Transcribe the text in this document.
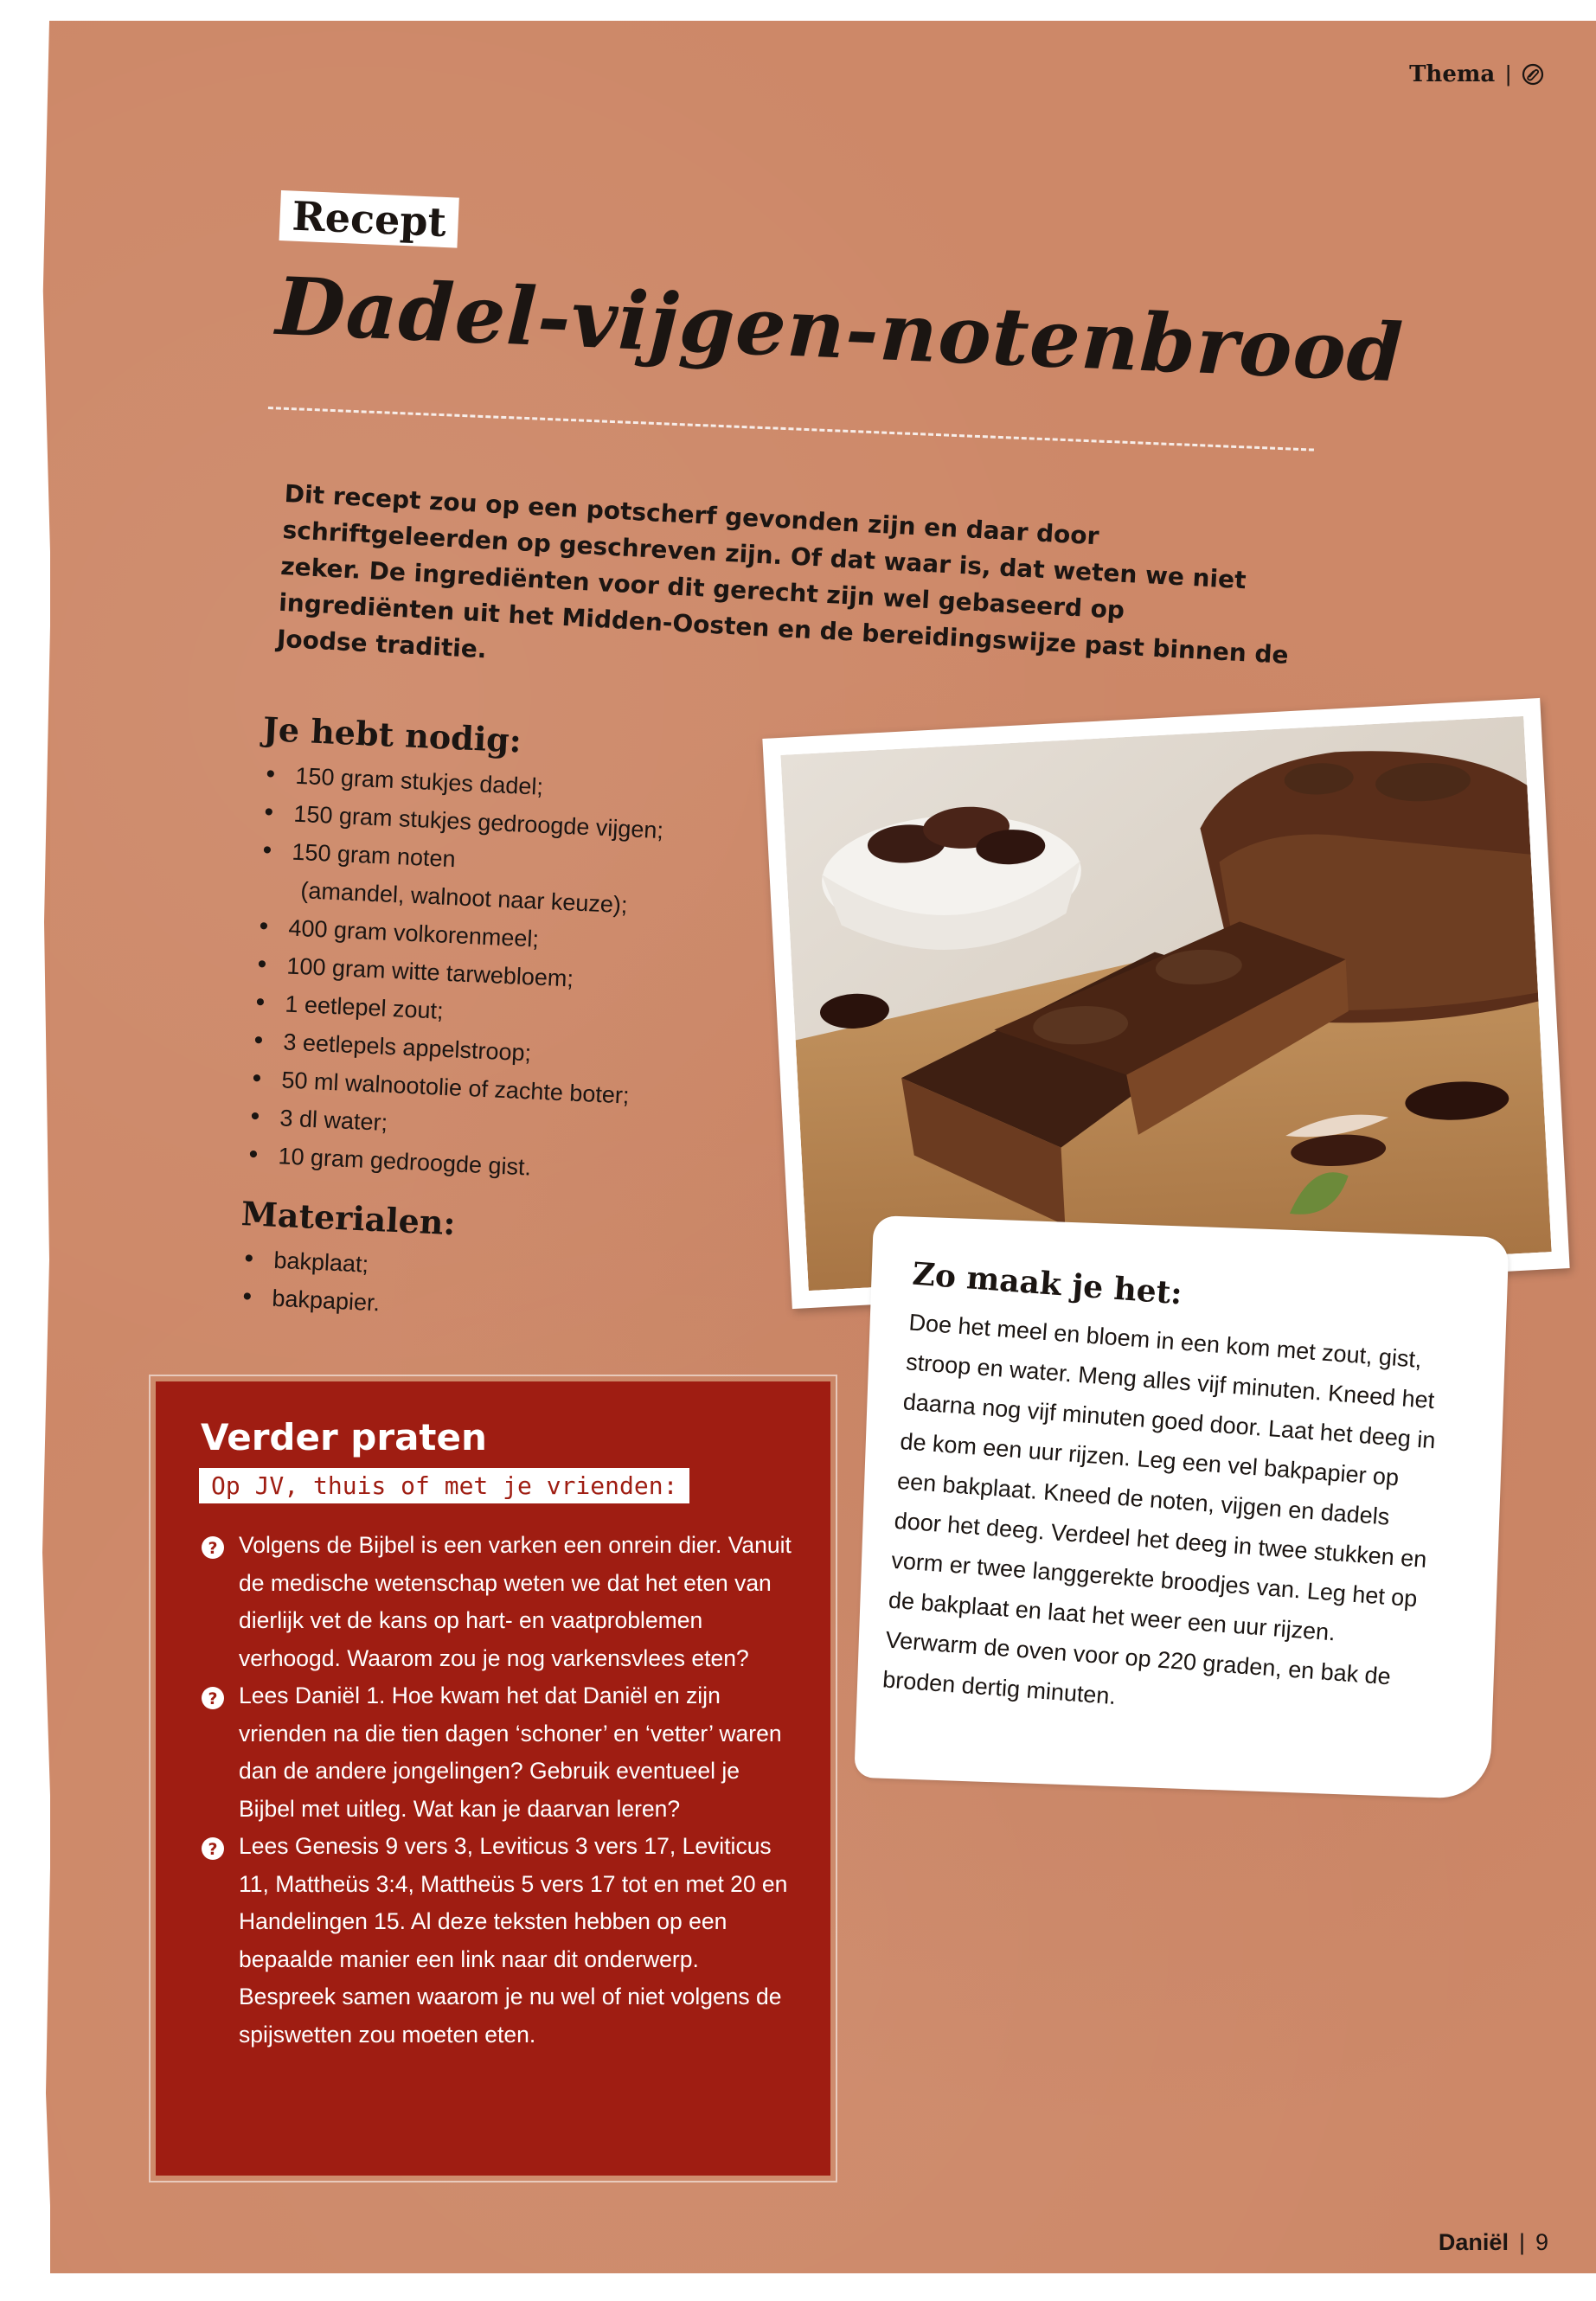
Thema |
Recept
Dadel-vijgen-notenbrood
Dit recept zou op een potscherf gevonden zijn en daar door schriftgeleerden op geschreven zijn. Of dat waar is, dat weten we niet zeker. De ingrediënten voor dit gerecht zijn wel gebaseerd op ingrediënten uit het Midden-Oosten en de bereidingswijze past binnen de Joodse traditie.
Je hebt nodig:
• 150 gram stukjes dadel;
• 150 gram stukjes gedroogde vijgen;
• 150 gram noten
(amandel, walnoot naar keuze);
• 400 gram volkorenmeel;
• 100 gram witte tarwebloem;
• 1 eetlepel zout;
• 3 eetlepels appelstroop;
• 50 ml walnootolie of zachte boter;
• 3 dl water;
• 10 gram gedroogde gist.
Materialen:
• bakplaat;
• bakpapier.	Zo maak je het:
Doe het meel en bloem in een kom met zout, gist, stroop en water. Meng alles vijf minuten. Kneed het daarna nog vijf minuten goed door. Laat het deeg in de kom een uur rijzen. Leg een vel bakpapier op een bakplaat. Kneed de noten, vijgen en dadels door het deeg. Verdeel het deeg in twee stukken en vorm er twee langgerekte broodjes van. Leg het op de bakplaat en laat het weer een uur rijzen. Verwarm de oven voor op 220 graden, en bak de broden dertig minuten.
Verder praten
Op JV, thuis of met je vrienden:
? Volgens de Bijbel is een varken een onrein dier. Vanuit de medische wetenschap weten we dat het eten van dierlijk vet de kans op hart- en vaatproblemen verhoogd. Waarom zou je nog varkensvlees eten?
? Lees Daniël 1. Hoe kwam het dat Daniël en zijn vrienden na die tien dagen ‘schoner’ en ‘vetter’ waren dan de andere jongelingen? Gebruik eventueel je Bijbel met uitleg. Wat kan je daarvan leren?
? Lees Genesis 9 vers 3, Leviticus 3 vers 17, Leviticus 11, Mattheüs 3:4, Mattheüs 5 vers 17 tot en met 20 en Handelingen 15. Al deze teksten hebben op een bepaalde manier een link naar dit onderwerp. Bespreek samen waarom je nu wel of niet volgens de spijswetten zou moeten eten.
Daniël | 9
